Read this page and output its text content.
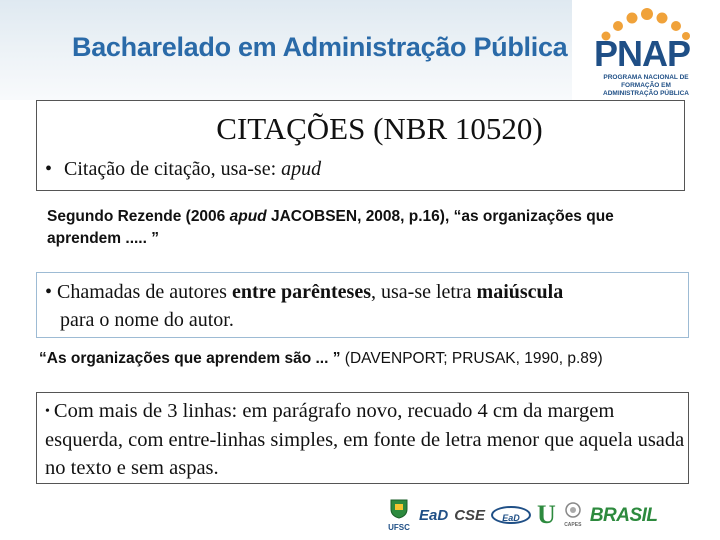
Bacharelado em Administração Pública PNAP
PROGRAMA NACIONAL DE FORMAÇÃO EM ADMINISTRAÇÃO PÚBLICA
CITAÇÕES (NBR 10520)
• Citação de citação, usa-se: apud
Segundo Rezende (2006 apud JACOBSEN, 2008, p.16), “as organizações que aprendem ..... ”
• Chamadas de autores entre parênteses, usa-se letra maiúscula
para o nome do autor.
“As organizações que aprendem são ... ” (DAVENPORT; PRUSAK, 1990, p.89)
• Com mais de 3 linhas: em parágrafo novo, recuado 4 cm da margem esquerda, com entre-linhas simples, em fonte de letra menor que aquela usada no texto e sem aspas.
UFSC
EaD CSE	EaD U	CAPES BRASIL
